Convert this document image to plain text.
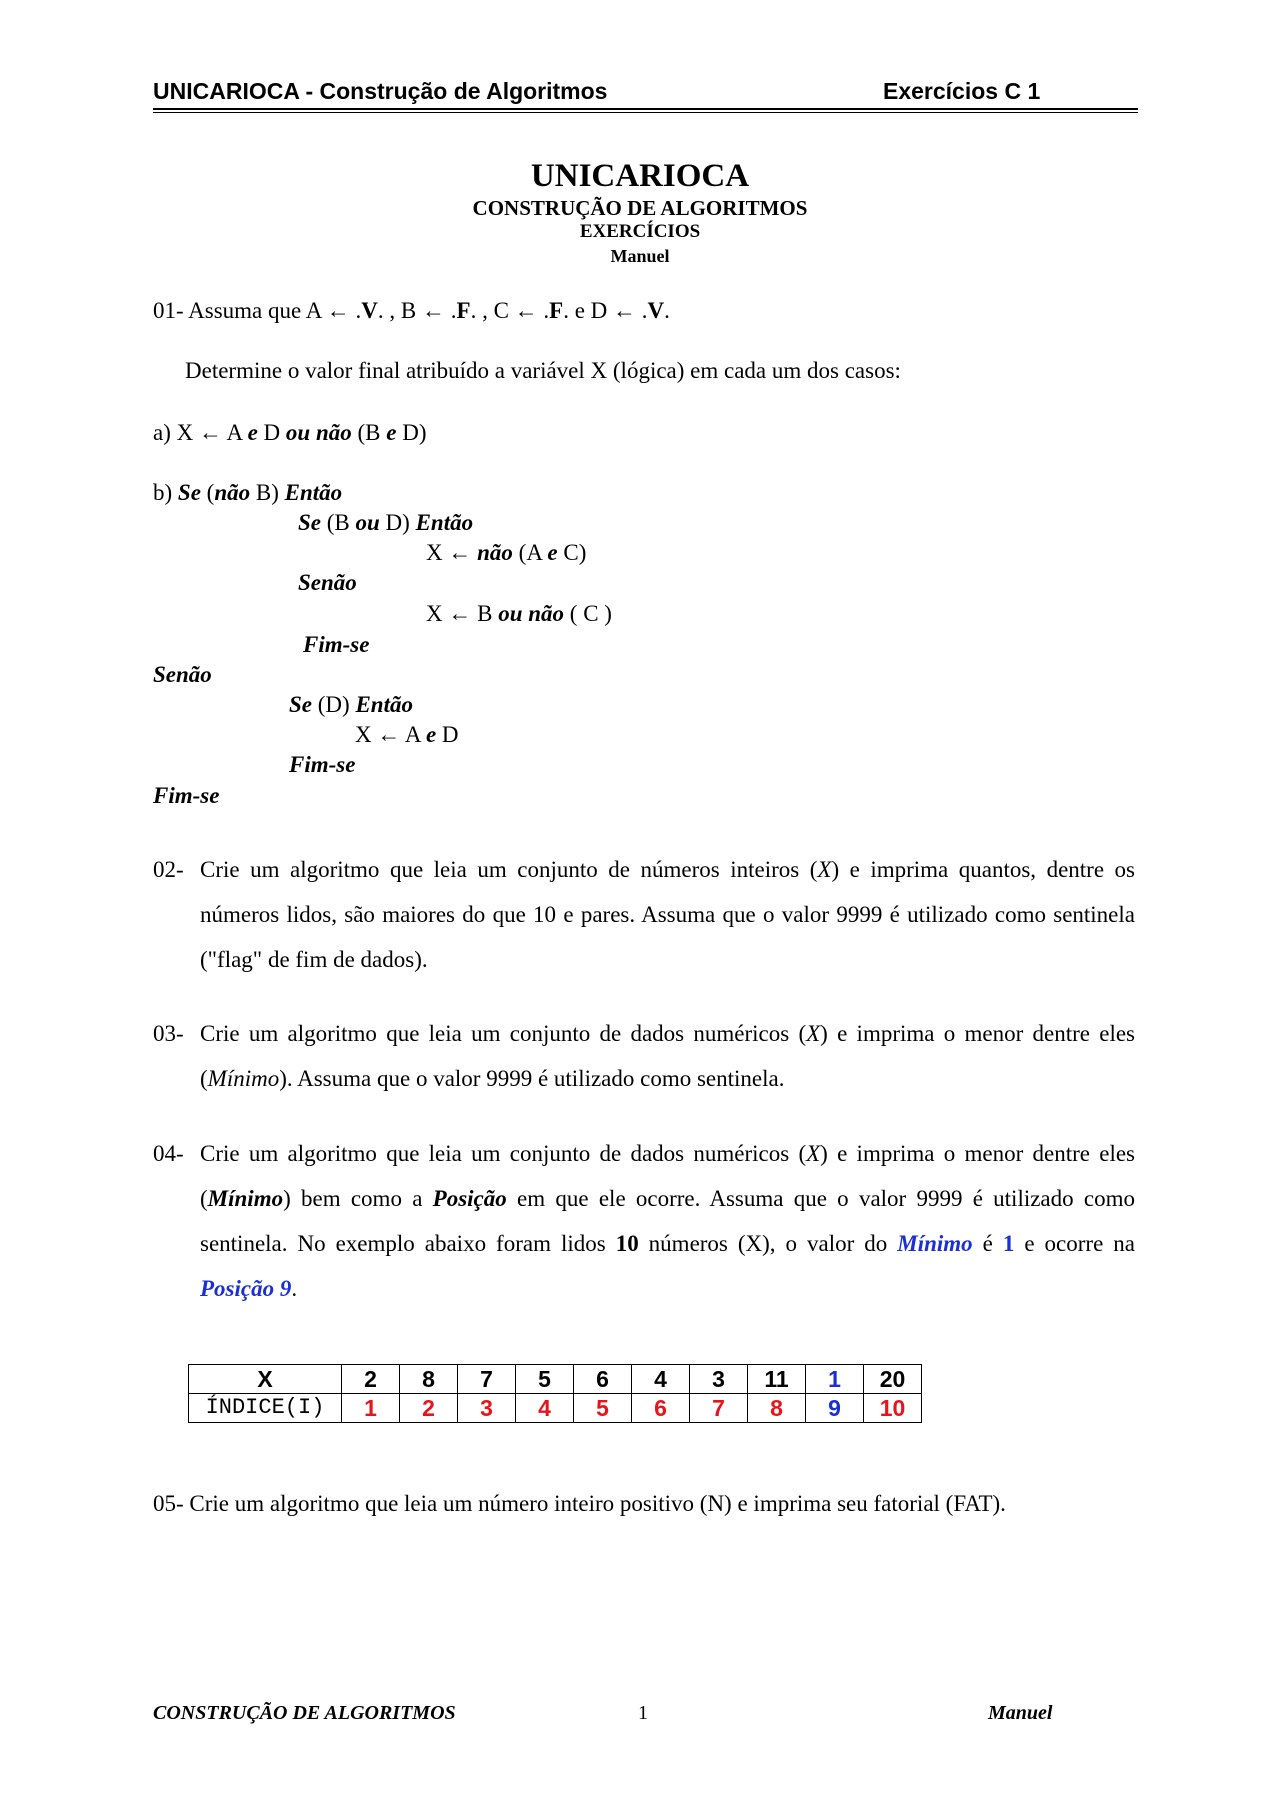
UNICARIOCA - Construção de Algoritmos	Exercícios C 1
UNICARIOCA
CONSTRUÇÃO DE ALGORITMOS
EXERCÍCIOS
Manuel
01- Assuma que A ← .V. , B ← .F. , C ← .F. e D ← .V.
Determine o valor final atribuído a variável X (lógica) em cada um dos casos:
a) X ← A e D ou não (B e D)
b) Se (não B) Então
Se (B ou D) Então
X ← não (A e C)
Senão
X ← B ou não ( C )
Fim-se
Senão
Se (D) Então
X ← A e D
Fim-se
Fim-se
02- Crie um algoritmo que leia um conjunto de números inteiros (X) e imprima quantos, dentre os números lidos, são maiores do que 10 e pares. Assuma que o valor 9999 é utilizado como sentinela ("flag" de fim de dados).
03- Crie um algoritmo que leia um conjunto de dados numéricos (X) e imprima o menor dentre eles (Mínimo). Assuma que o valor 9999 é utilizado como sentinela.
04- Crie um algoritmo que leia um conjunto de dados numéricos (X) e imprima o menor dentre eles (Mínimo) bem como a Posição em que ele ocorre. Assuma que o valor 9999 é utilizado como sentinela. No exemplo abaixo foram lidos 10 números (X), o valor do Mínimo é 1 e ocorre na Posição 9.
X	2	8	7	5	6	4	3	11	1	20
ÍNDICE(I)	1	2	3	4	5	6	7	8	9	10
05- Crie um algoritmo que leia um número inteiro positivo (N) e imprima seu fatorial (FAT).
CONSTRUÇÃO DE ALGORITMOS	1	Manuel
